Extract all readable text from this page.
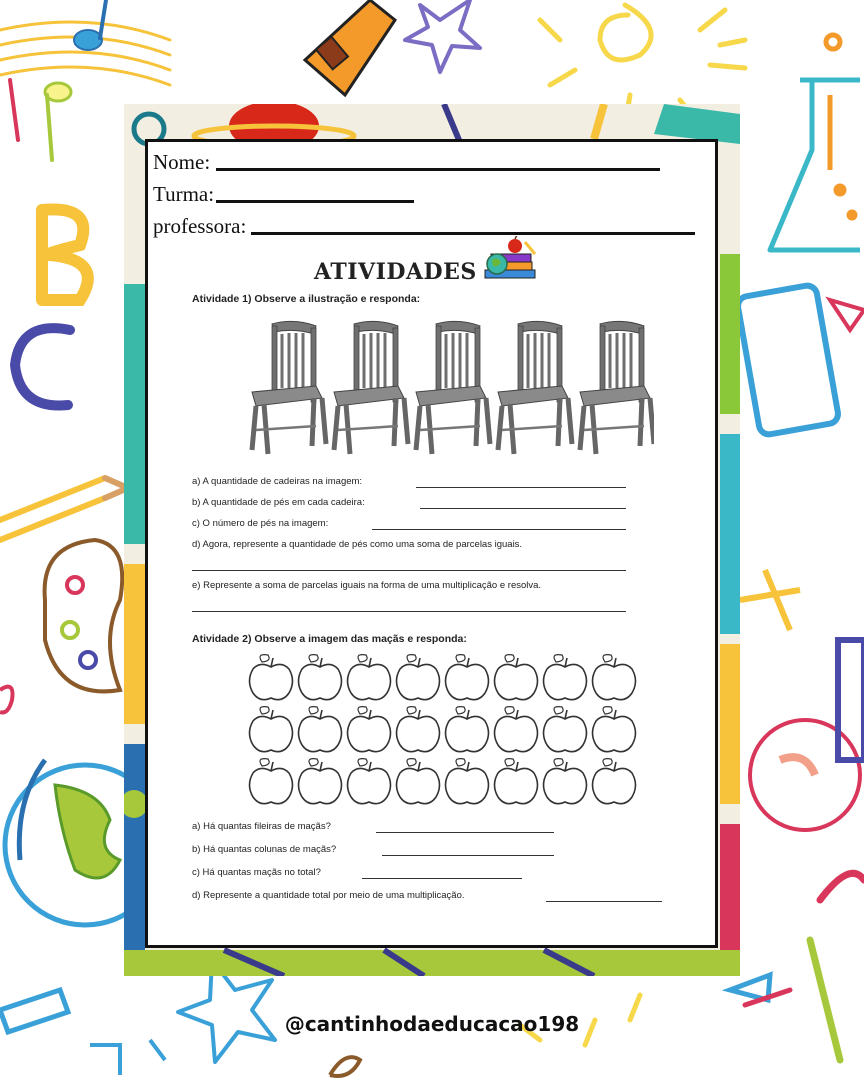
Nome:
Turma:
professora:
ATIVIDADES
Atividade 1) Observe a ilustração e responda:
a) A quantidade de cadeiras na imagem:
b) A quantidade de pés em cada cadeira:
c) O número de pés na imagem:
d) Agora, represente a quantidade de pés como uma soma de parcelas iguais.
e) Represente a soma de parcelas iguais na forma de uma multiplicação e resolva.
Atividade 2) Observe a imagem das maçãs e responda:
a) Há quantas fileiras de maçãs?
b) Há quantas colunas de maçãs?
c) Há quantas maçãs no total?
d) Represente a quantidade total por meio de uma multiplicação.
@cantinhodaeducacao198
